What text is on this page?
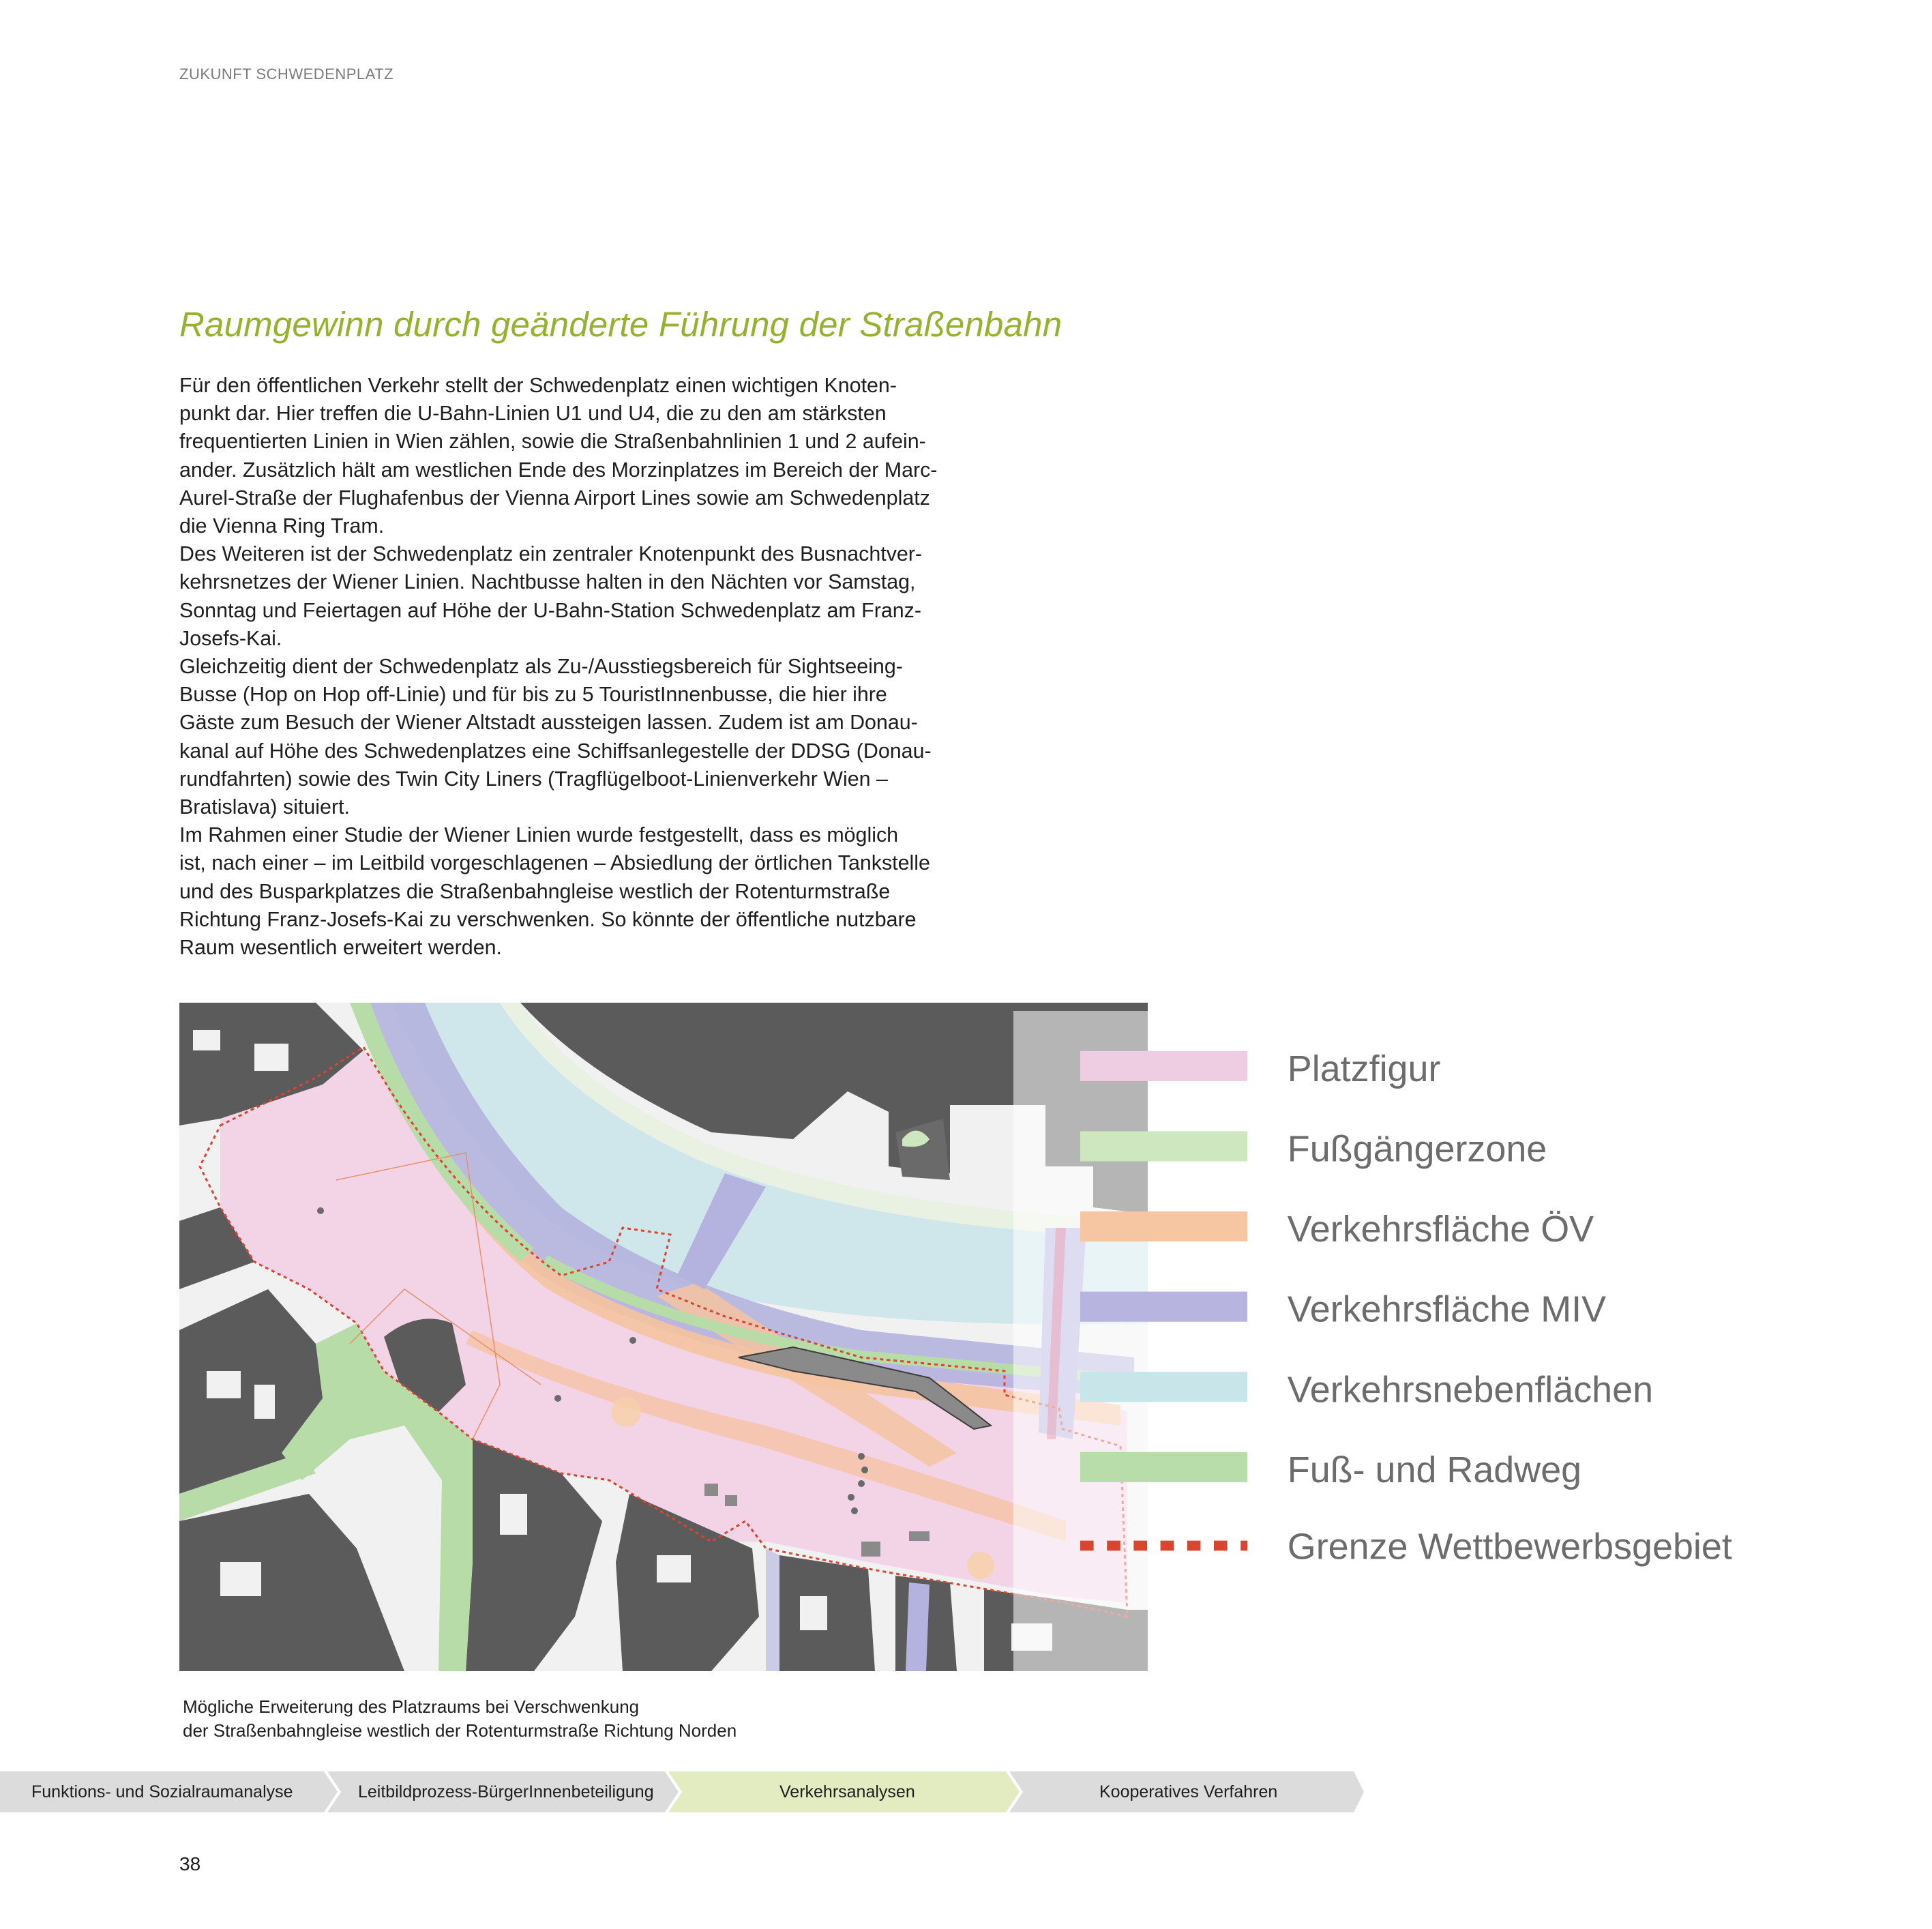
ZUKUNFT SCHWEDENPLATZ
Raumgewinn durch geänderte Führung der Straßenbahn

Für den öffentlichen Verkehr stellt der Schwedenplatz einen wichtigen Knoten-

punkt dar. Hier treffen die U-Bahn-Linien U1 und U4, die zu den am stärksten

frequentierten Linien in Wien zählen, sowie die Straßenbahnlinien 1 und 2 aufein-

ander. Zusätzlich hält am westlichen Ende des Morzinplatzes im Bereich der Marc-

Aurel-Straße der Flughafenbus der Vienna Airport Lines sowie am Schwedenplatz

die Vienna Ring Tram.

Des Weiteren ist der Schwedenplatz ein zentraler Knotenpunkt des Busnachtver-

kehrsnetzes der Wiener Linien. Nachtbusse halten in den Nächten vor Samstag,

Sonntag und Feiertagen auf Höhe der U-Bahn-Station Schwedenplatz am Franz-

Josefs-Kai.

Gleichzeitig dient der Schwedenplatz als Zu-/Ausstiegsbereich für Sightseeing-

Busse (Hop on Hop off-Linie) und für bis zu 5 TouristInnenbusse, die hier ihre

Gäste zum Besuch der Wiener Altstadt aussteigen lassen. Zudem ist am Donau-

kanal auf Höhe des Schwedenplatzes eine Schiffsanlegestelle der DDSG (Donau-

rundfahrten) sowie des Twin City Liners (Tragflügelboot-Linienverkehr Wien –

Bratislava) situiert.

Im Rahmen einer Studie der Wiener Linien wurde festgestellt, dass es möglich

ist, nach einer – im Leitbild vorgeschlagenen – Absiedlung der örtlichen Tankstelle

und des Busparkplatzes die Straßenbahngleise westlich der Rotenturmstraße

Richtung Franz-Josefs-Kai zu verschwenken. So könnte der öffentliche nutzbare

Raum wesentlich erweitert werden.

Platzfigur
Fußgängerzone
Verkehrsfläche ÖV
Verkehrsfläche MIV
Verkehrsnebenflächen
Fuß- und Radweg
Grenze Wettbewerbsgebiet
Mögliche Erweiterung des Platzraums bei Verschwenkung
der Straßenbahngleise westlich der Rotenturmstraße Richtung Norden
Funktions- und Sozialraumanalyse	Leitbildprozess-BürgerInnenbeteiligung	Verkehrsanalysen	Kooperatives Verfahren
38
